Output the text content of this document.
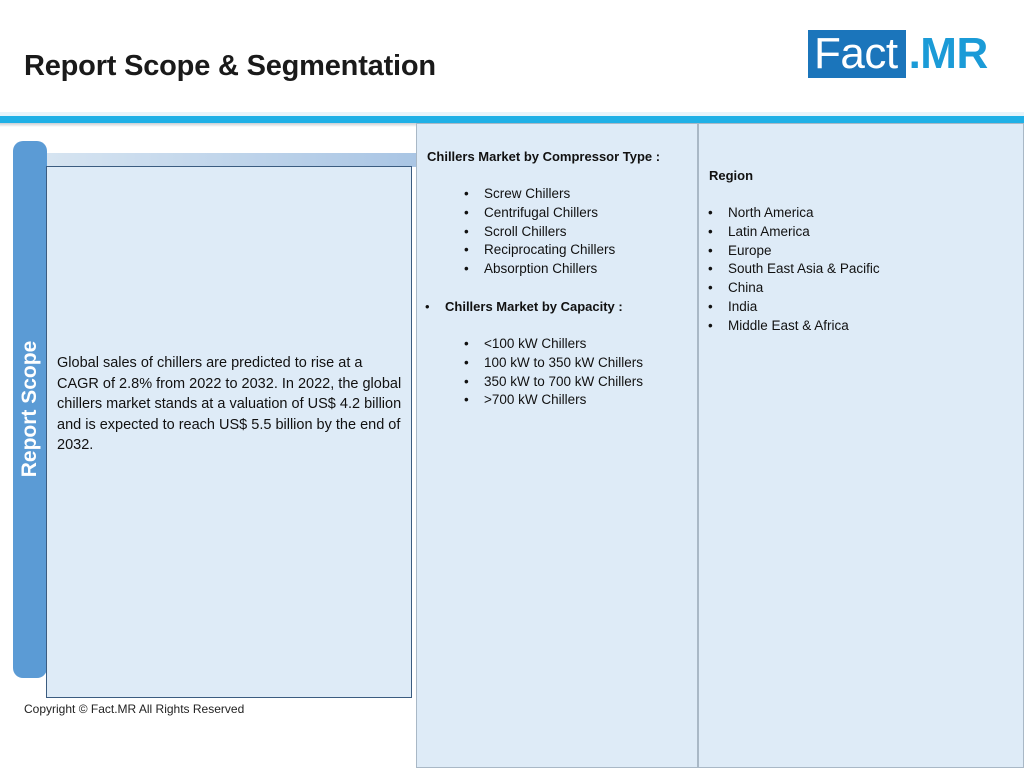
Report Scope & Segmentation	Fact .MR
Report Scope Global sales of chillers are predicted to rise at a CAGR of 2.8% from 2022 to 2032. In 2022, the global chillers market stands at a valuation of US$ 4.2 billion and is expected to reach US$ 5.5 billion by the end of 2032.
Chillers Market by Compressor Type :
• Screw Chillers
• Centrifugal Chillers
• Scroll Chillers
• Reciprocating Chillers
• Absorption Chillers
• Chillers Market by Capacity :
• <100 kW Chillers
• 100 kW to 350 kW Chillers
• 350 kW to 700 kW Chillers
• >700 kW Chillers
Region
• North America
• Latin America
• Europe
• South East Asia & Pacific
• China
• India
• Middle East & Africa
Copyright © Fact.MR All Rights Reserved
